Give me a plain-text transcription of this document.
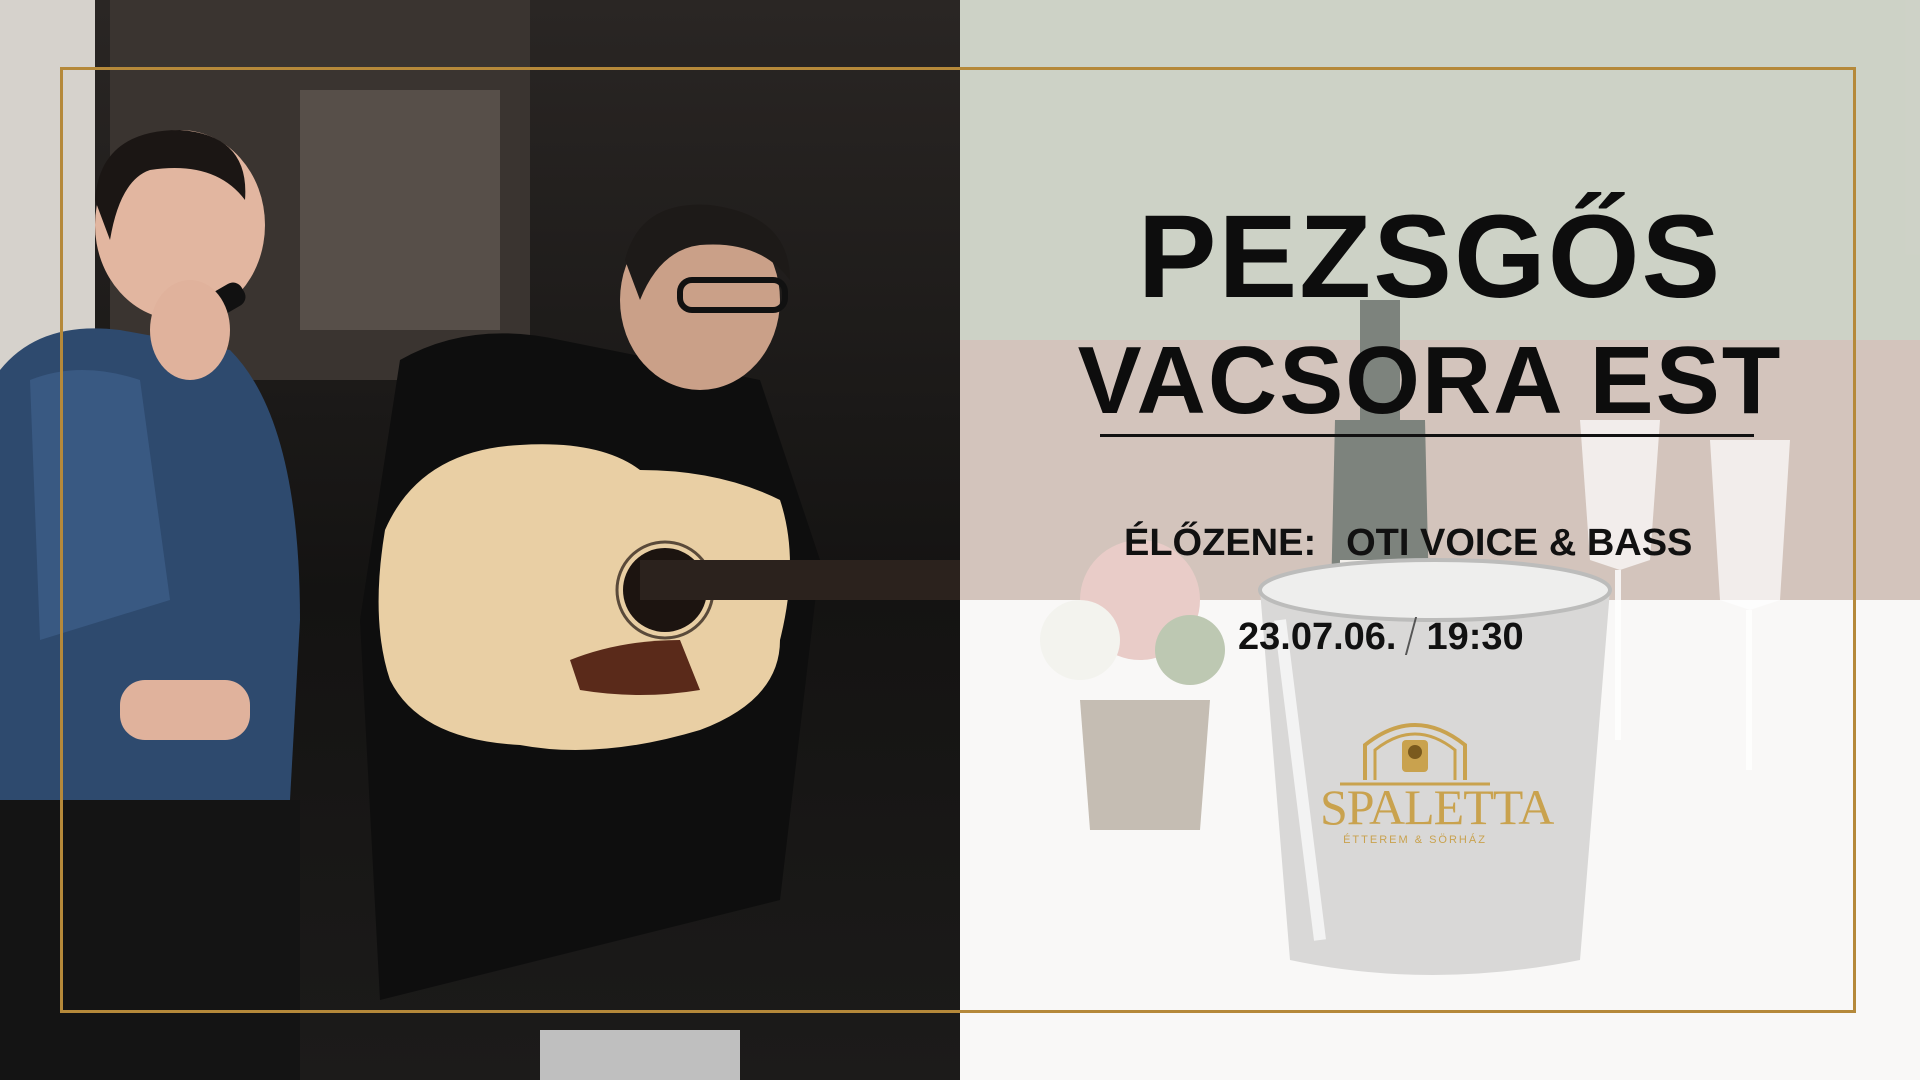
PEZSGŐS
VACSORA EST
ÉLŐZENE: OTI VOICE & BASS
23.07.06. 19:30
SPALETTA
ÉTTEREM & SÖRHÁZ
